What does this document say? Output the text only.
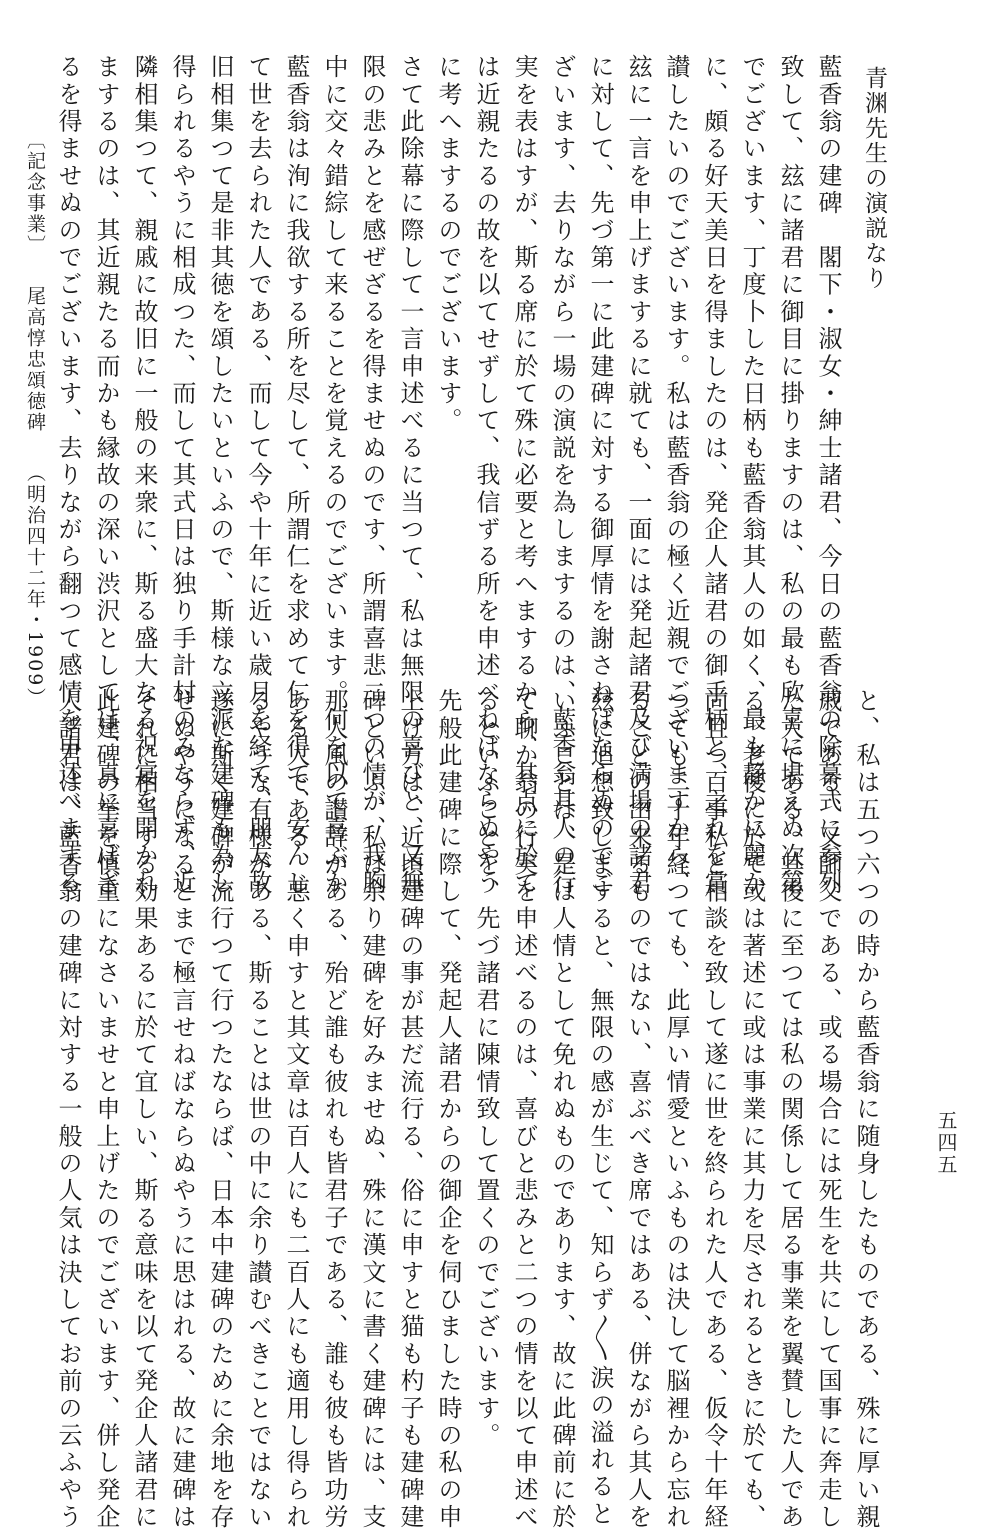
青渊先生の演説なり
藍香翁の建碑　閣下・淑女・紳士諸君、今日の藍香翁の除幕式に参列
致して、玆に諸君に御目に掛りますのは、私の最も欣喜に堪えぬ次第
でございます、丁度卜した日柄も藍香翁其人の如く、最も静かに麗か
に、頗る好天美日を得ましたのは、発企人諸君の御手柄と、之れを賞
讃したいのでございます。私は藍香翁の極く近親でございますから、
玆に一言を申上げまするに就ても、一面には発起諸君及び満場の諸君
に対して、先づ第一に此建碑に対する御厚情を謝さねばならぬのでご
ざいます、去りながら一場の演説を為しまするのは、藍香翁其人の行
実を表はすが、斯る席に於て殊に必要と考へまするから、其点に於て
は近親たるの故を以てせずして、我信ずる所を申述べねばならぬやう
に考へまするのでございます。
さて此除幕に際して一言申述べるに当つて、私は無限の喜びと、又無
限の悲みとを感ぜざるを得ませぬのです、所謂喜悲二つの情が、我胸
中に交々錯綜して来ることを覚えるのでございます。何を以て喜ぶか
藍香翁は洵に我欲する所を尽して、所謂仁を求めて仁を得て、安んじ
て世を去られた人である、而して今や十年に近い歳月を経て、朋友故
旧相集つて是非其徳を頌したいといふので、斯様な立派な建碑も為し
得られるやうに相成つた、而して其式日は独り手計村のみならず、近
隣相集つて、親戚に故旧に一般の来衆に、斯る盛大なる祝宴を開かれ
まするのは、其近親たる而かも縁故の深い渋沢としては、真に喜ばざ
るを得ませぬのでございます、去りながら翻つて感情を申述べまする
と、私は五つ六つの時から藍香翁に随身したものである、殊に厚い親
戚である、又師父である、或る場合には死生を共にして国事に奔走し
た人である、其後に至つては私の関係して居る事業を翼賛した人であ
る、老後に於て或は著述に或は事業に其力を尽されるときに於ても、
尚且つ百事私と相談を致して遂に世を終られた人である、仮令十年経
つても二十年経つても、此厚い情愛といふものは決して脳裡から忘れ
ることの出来るものではない、喜ぶべき席ではある、併ながら其人を
玆に追想致しますると、無限の感が生じて、知らず〳〵涙の溢れると
いふことは、是は人情として免れぬものであります、故に此碑前に於
て聊か翁の行実を申述べるのは、喜びと悲みと二つの情を以て申述べ
るといふことを、先づ諸君に陳情致して置くのでございます。
先般此建碑に際して、発起人諸君からの御企を伺ひました時の私の申
上げ方は、近頃建碑の事が甚だ流行る、俗に申すと猫も杓子も建碑建
碑といふ、私は余り建碑を好みませぬ、殊に漢文に書く建碑には、支
那人風の讃辞がある、殆ど誰も彼れも皆君子である、誰も彼も皆功労
ある人である、悪く申すと其文章は百人にも二百人にも適用し得られ
るやうな有様がある、斯ることは世の中に余り讃むべきことではない
遂に斯く建碑が流行つて行つたならば、日本中建碑のために余地を存
せぬやうになるとまで極言せねばならぬやうに思はれる、故に建碑は
それに相当する効果あるに於て宜しい、斯る意味を以て発企人諸君に
此建碑の挙を慎重になさいませと申上げたのでございます、併し発企
人諸君は、藍香翁の建碑に対する一般の人気は決してお前の云ふやう
〔記念事業〕尾高惇忠頌徳碑（明治四十二年・1909）
五四五
